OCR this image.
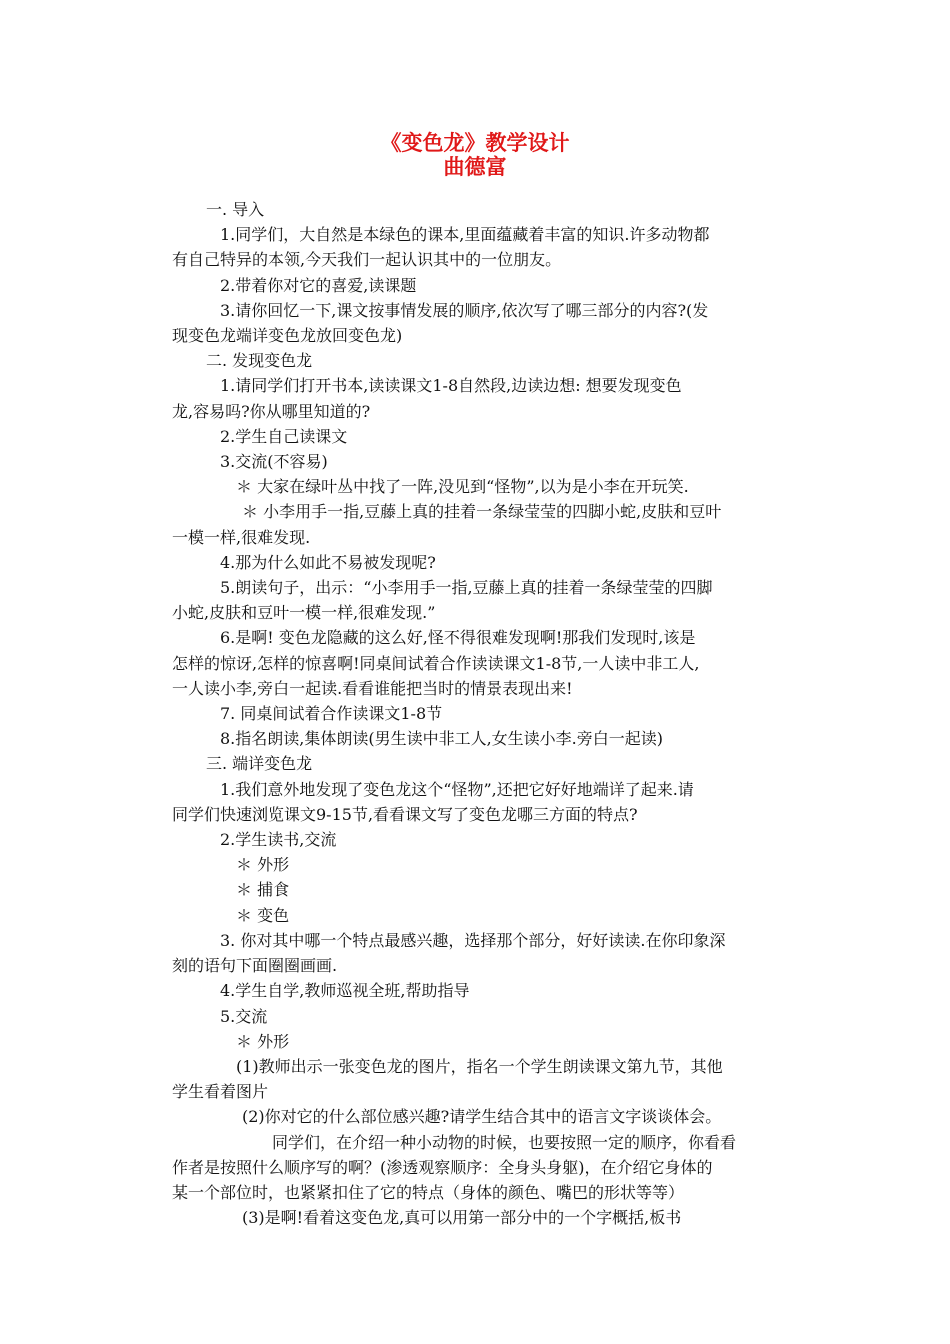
《变色龙》教学设计
曲德富

一. 导入

1.同学们，大自然是本绿色的课本,里面蕴藏着丰富的知识.许多动物都

有自己特异的本领,今天我们一起认识其中的一位朋友。

2.带着你对它的喜爱,读课题

3.请你回忆一下,课文按事情发展的顺序,依次写了哪三部分的内容?(发

现变色龙端详变色龙放回变色龙)

二. 发现变色龙

1.请同学们打开书本,读读课文1-8自然段,边读边想: 想要发现变色

龙,容易吗?你从哪里知道的?

2.学生自己读课文

3.交流(不容易)

＊ 大家在绿叶丛中找了一阵,没见到“怪物”,以为是小李在开玩笑.

＊ 小李用手一指,豆藤上真的挂着一条绿莹莹的四脚小蛇,皮肤和豆叶

一模一样,很难发现.

4.那为什么如此不易被发现呢?

5.朗读句子，出示：“小李用手一指,豆藤上真的挂着一条绿莹莹的四脚

小蛇,皮肤和豆叶一模一样,很难发现.”

6.是啊! 变色龙隐藏的这么好,怪不得很难发现啊!那我们发现时,该是

怎样的惊讶,怎样的惊喜啊!同桌间试着合作读读课文1-8节,一人读中非工人,

一人读小李,旁白一起读.看看谁能把当时的情景表现出来!

7. 同桌间试着合作读课文1-8节

8.指名朗读,集体朗读(男生读中非工人,女生读小李.旁白一起读)

三. 端详变色龙

1.我们意外地发现了变色龙这个“怪物”,还把它好好地端详了起来.请

同学们快速浏览课文9-15节,看看课文写了变色龙哪三方面的特点?

2.学生读书,交流

＊ 外形

＊ 捕食

＊ 变色

3. 你对其中哪一个特点最感兴趣，选择那个部分，好好读读.在你印象深

刻的语句下面圈圈画画.

4.学生自学,教师巡视全班,帮助指导

5.交流

＊ 外形

(1)教师出示一张变色龙的图片，指名一个学生朗读课文第九节，其他

学生看着图片

(2)你对它的什么部位感兴趣?请学生结合其中的语言文字谈谈体会。

同学们，在介绍一种小动物的时候，也要按照一定的顺序，你看看

作者是按照什么顺序写的啊？(渗透观察顺序：全身头身躯)，在介绍它身体的

某一个部位时，也紧紧扣住了它的特点（身体的颜色、嘴巴的形状等等）

(3)是啊!看着这变色龙,真可以用第一部分中的一个字概括,板书
